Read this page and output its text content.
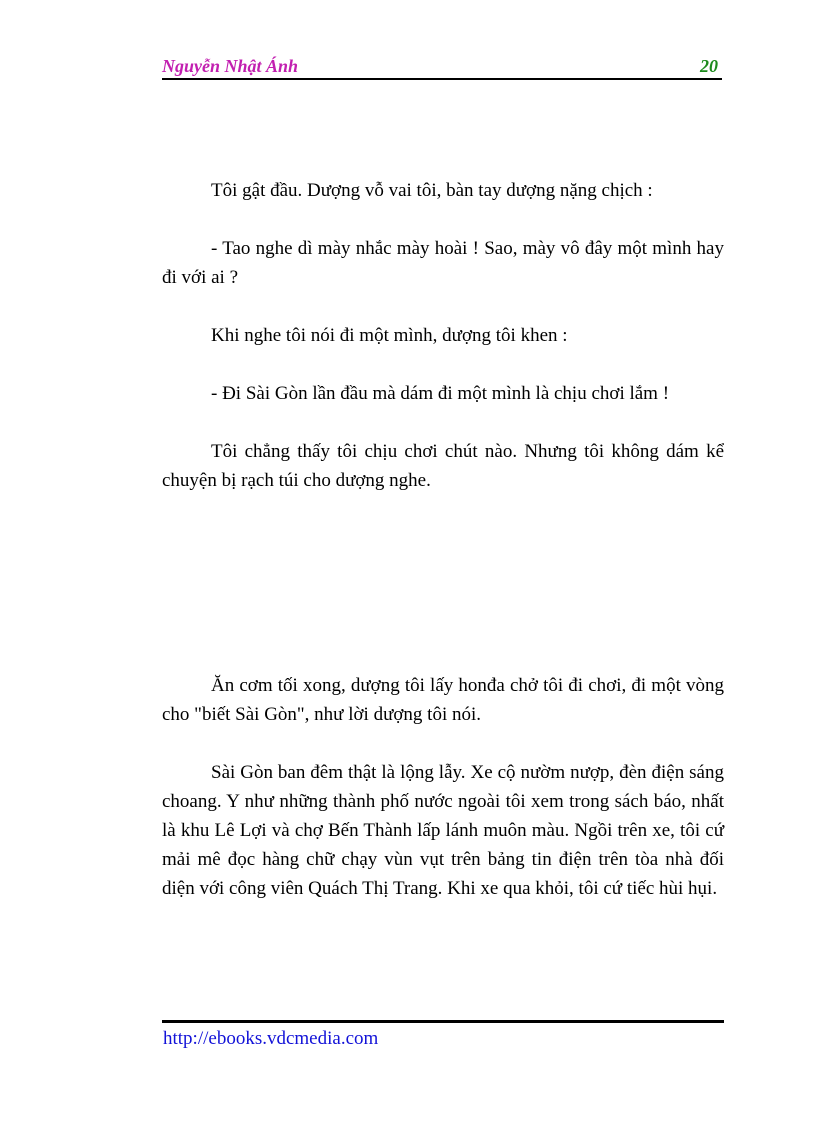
Nguyễn Nhật Ánh	20

Tôi gật đầu. Dượng vỗ vai tôi, bàn tay dượng nặng chịch :

- Tao nghe dì mày nhắc mày hoài ! Sao, mày vô đây một mình hay đi với ai ?

Khi nghe tôi nói đi một mình, dượng tôi khen :

- Đi Sài Gòn lần đầu mà dám đi một mình là chịu chơi lắm !

Tôi chẳng thấy tôi chịu chơi chút nào. Nhưng tôi không dám kể chuyện bị rạch túi cho dượng nghe.

Ăn cơm tối xong, dượng tôi lấy honđa chở tôi đi chơi, đi một vòng cho "biết Sài Gòn", như lời dượng tôi nói.

Sài Gòn ban đêm thật là lộng lẫy. Xe cộ nườm nượp, đèn điện sáng choang. Y như những thành phố nước ngoài tôi xem trong sách báo, nhất là khu Lê Lợi và chợ Bến Thành lấp lánh muôn màu. Ngồi trên xe, tôi cứ mải mê đọc hàng chữ chạy vùn vụt trên bảng tin điện trên tòa nhà đối diện với công viên Quách Thị Trang. Khi xe qua khỏi, tôi cứ tiếc hùi hụi.

http://ebooks.vdcmedia.com
